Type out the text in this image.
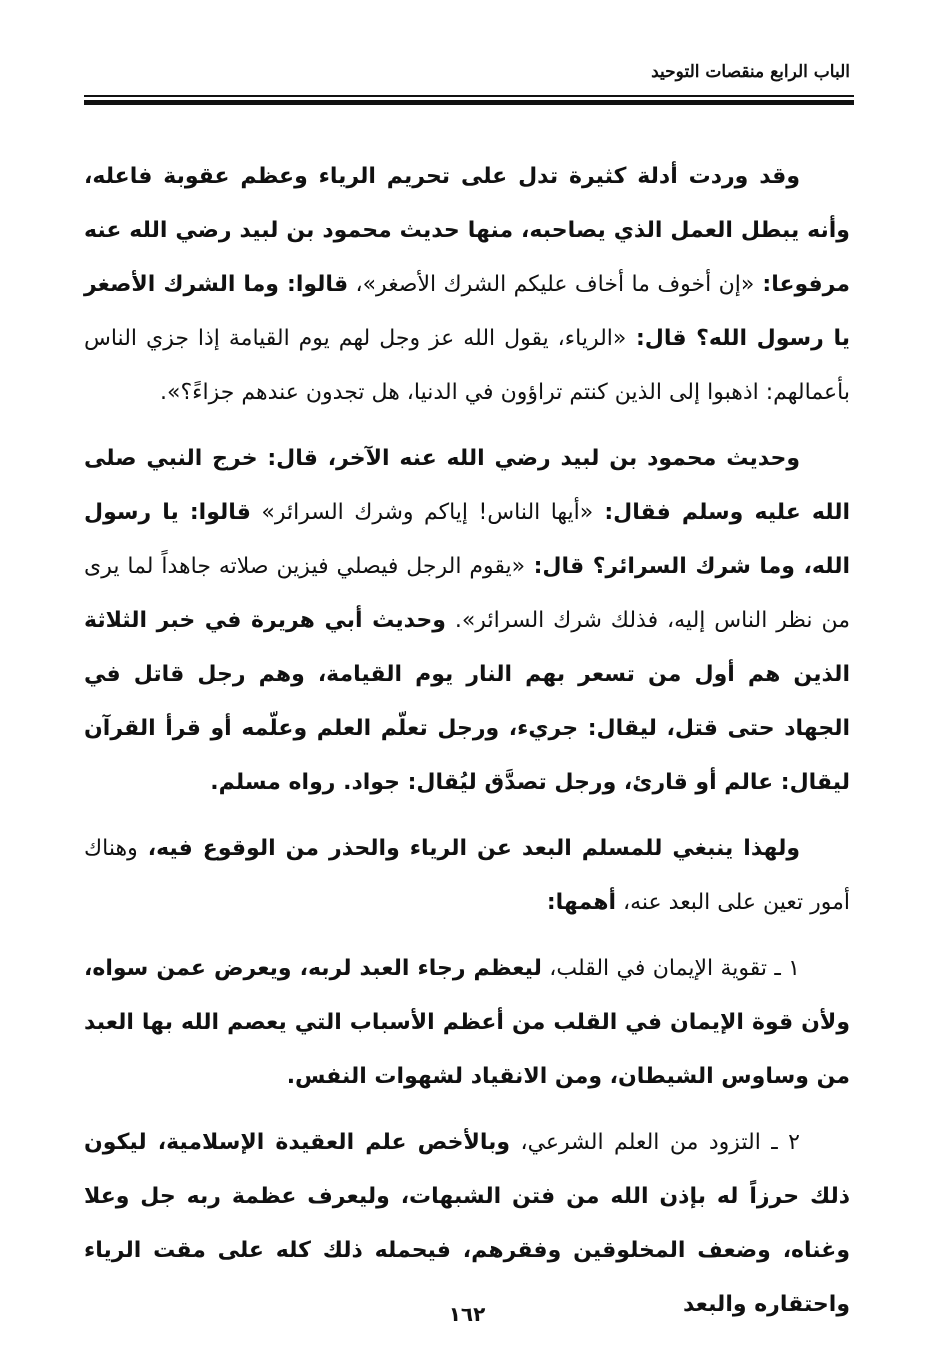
الباب الرابع منقصات التوحيد

وقد وردت أدلة كثيرة تدل على تحريم الرياء وعظم عقوبة فاعله، وأنه يبطل العمل الذي يصاحبه، منها حديث محمود بن لبيد رضي الله عنه مرفوعا: «إن أخوف ما أخاف عليكم الشرك الأصغر»، قالوا: وما الشرك الأصغر يا رسول الله؟ قال: «الرياء، يقول الله عز وجل لهم يوم القيامة إذا جزي الناس بأعمالهم: اذهبوا إلى الذين كنتم تراؤون في الدنيا، هل تجدون عندهم جزاءً؟».

وحديث محمود بن لبيد رضي الله عنه الآخر، قال: خرج النبي صلى الله عليه وسلم فقال: «أيها الناس! إياكم وشرك السرائر» قالوا: يا رسول الله، وما شرك السرائر؟ قال: «يقوم الرجل فيصلي فيزين صلاته جاهداً لما يرى من نظر الناس إليه، فذلك شرك السرائر». وحديث أبي هريرة في خبر الثلاثة الذين هم أول من تسعر بهم النار يوم القيامة، وهم رجل قاتل في الجهاد حتى قتل، ليقال: جريء، ورجل تعلّم العلم وعلّمه أو قرأ القرآن ليقال: عالم أو قارئ، ورجل تصدَّق ليُقال: جواد. رواه مسلم.

ولهذا ينبغي للمسلم البعد عن الرياء والحذر من الوقوع فيه، وهناك أمور تعين على البعد عنه، أهمها:

١ ـ تقوية الإيمان في القلب، ليعظم رجاء العبد لربه، ويعرض عمن سواه، ولأن قوة الإيمان في القلب من أعظم الأسباب التي يعصم الله بها العبد من وساوس الشيطان، ومن الانقياد لشهوات النفس.

٢ ـ التزود من العلم الشرعي، وبالأخص علم العقيدة الإسلامية، ليكون ذلك حرزاً له بإذن الله من فتن الشبهات، وليعرف عظمة ربه جل وعلا وغناه، وضعف المخلوقين وفقرهم، فيحمله ذلك كله على مقت الرياء واحتقاره والبعد

١٦٢
